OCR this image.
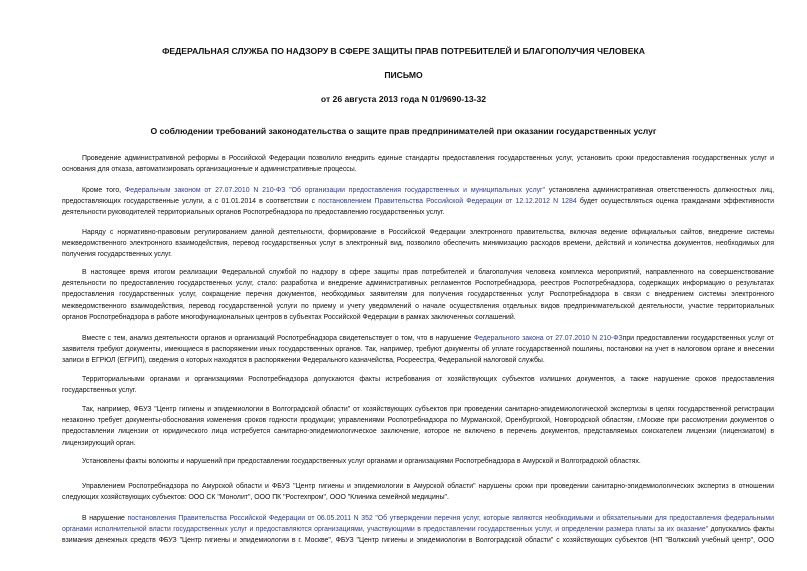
ФЕДЕРАЛЬНАЯ СЛУЖБА ПО НАДЗОРУ В СФЕРЕ ЗАЩИТЫ ПРАВ ПОТРЕБИТЕЛЕЙ И БЛАГОПОЛУЧИЯ ЧЕЛОВЕКА
ПИСЬМО
от 26 августа 2013 года N 01/9690-13-32
О соблюдении требований законодательства о защите прав предпринимателей при оказании государственных услуг
Проведение административной реформы в Российской Федерации позволило внедрить единые стандарты предоставления государственных услуг, установить сроки предоставления государственных услуг и
основания для отказа, автоматизировать организационные и административные процессы.
Кроме того, Федеральным законом от 27.07.2010 N 210-ФЗ "Об организации предоставления государственных и муниципальных услуг" установлена административная ответственность должностных лиц,
предоставляющих государственные услуги, а с 01.01.2014 в соответствии с постановлением Правительства Российской Федерации от 12.12.2012 N 1284 будет осуществляться оценка гражданами эффективности
деятельности руководителей территориальных органов Роспотребнадзора по предоставлению государственных услуг.
Наряду с нормативно-правовым регулированием данной деятельности, формирование в Российской Федерации электронного правительства, включая ведение официальных сайтов, внедрение системы
межведомственного электронного взаимодействия, перевод государственных услуг в электронный вид, позволило обеспечить минимизацию расходов времени, действий и количества документов, необходимых для
получения государственных услуг.
В настоящее время итогом реализации Федеральной службой по надзору в сфере защиты прав потребителей и благополучия человека комплекса мероприятий, направленного на совершенствование
деятельности по предоставлению государственных услуг, стало: разработка и внедрение административных регламентов Роспотребнадзора, реестров Роспотребнадзора, содержащих информацию о результатах
предоставления государственных услуг, сокращение перечня документов, необходимых заявителям для получения государственных услуг Роспотребнадзора в связи с внедрением системы электронного
межведомственного взаимодействия, перевод государственной услуги по приему и учету уведомлений о начале осуществления отдельных видов предпринимательской деятельности, участие территориальных
органов Роспотребнадзора в работе многофункциональных центров в субъектах Российской Федерации в рамках заключенных соглашений.
Вместе с тем, анализ деятельности органов и организаций Роспотребнадзора свидетельствует о том, что в нарушение Федерального закона от 27.07.2010 N 210-ФЗпри предоставлении государственных услуг от
заявителя требуют документы, имеющиеся в распоряжении иных государственных органов. Так, например, требуют документы об уплате государственной пошлины, постановки на учет в налоговом органе и внесении
записи в ЕГРЮЛ (ЕГРИП), сведения о которых находятся в распоряжении Федерального казначейства, Росреестра, Федеральной налоговой службы.
Территориальными органами и организациями Роспотребнадзора допускаются факты истребования от хозяйствующих субъектов излишних документов, а также нарушение сроков предоставления
государственных услуг.
Так, например, ФБУЗ "Центр гигиены и эпидемиологии в Волгоградской области" от хозяйствующих субъектов при проведении санитарно-эпидемиологической экспертизы в целях государственной регистрации
незаконно требует документы-обоснования изменения сроков годности продукции; управлениями Роспотребнадзора по Мурманской, Оренбургской, Новгородской областям, г.Москве при рассмотрении документов о
предоставлении лицензии от юридического лица истребуется санитарно-эпидемиологическое заключение, которое не включено в перечень документов, представляемых соискателем лицензии (лицензиатом) в
лицензирующий орган.
Установлены факты волокиты и нарушений при предоставлении государственных услуг органами и организациями Роспотребнадзора в Амурской и Волгоградской областях.
Управлением Роспотребнадзора по Амурской области и ФБУЗ "Центр гигиены и эпидемиологии в Амурской области" нарушены сроки при проведении санитарно-эпидемиологических экспертиз в отношении
следующих хозяйствующих субъектов: ООО СК "Монолит", ООО ПК "Ростехпром", ООО "Клиника семейной медицины".
В нарушение постановления Правительства Российской Федерации от 06.05.2011 N 352 "Об утверждении перечня услуг, которые являются необходимыми и обязательными для предоставления федеральными
органами исполнительной власти государственных услуг и предоставляются организациями, участвующими в предоставлении государственных услуг, и определении размера платы за их оказание" допускались факты
взимания денежных средств ФБУЗ "Центр гигиены и эпидемиологии в г. Москве", ФБУЗ "Центр гигиены и эпидемиологии в Волгоградской области" с хозяйствующих субъектов (НП "Волжский учебный центр", ООО
